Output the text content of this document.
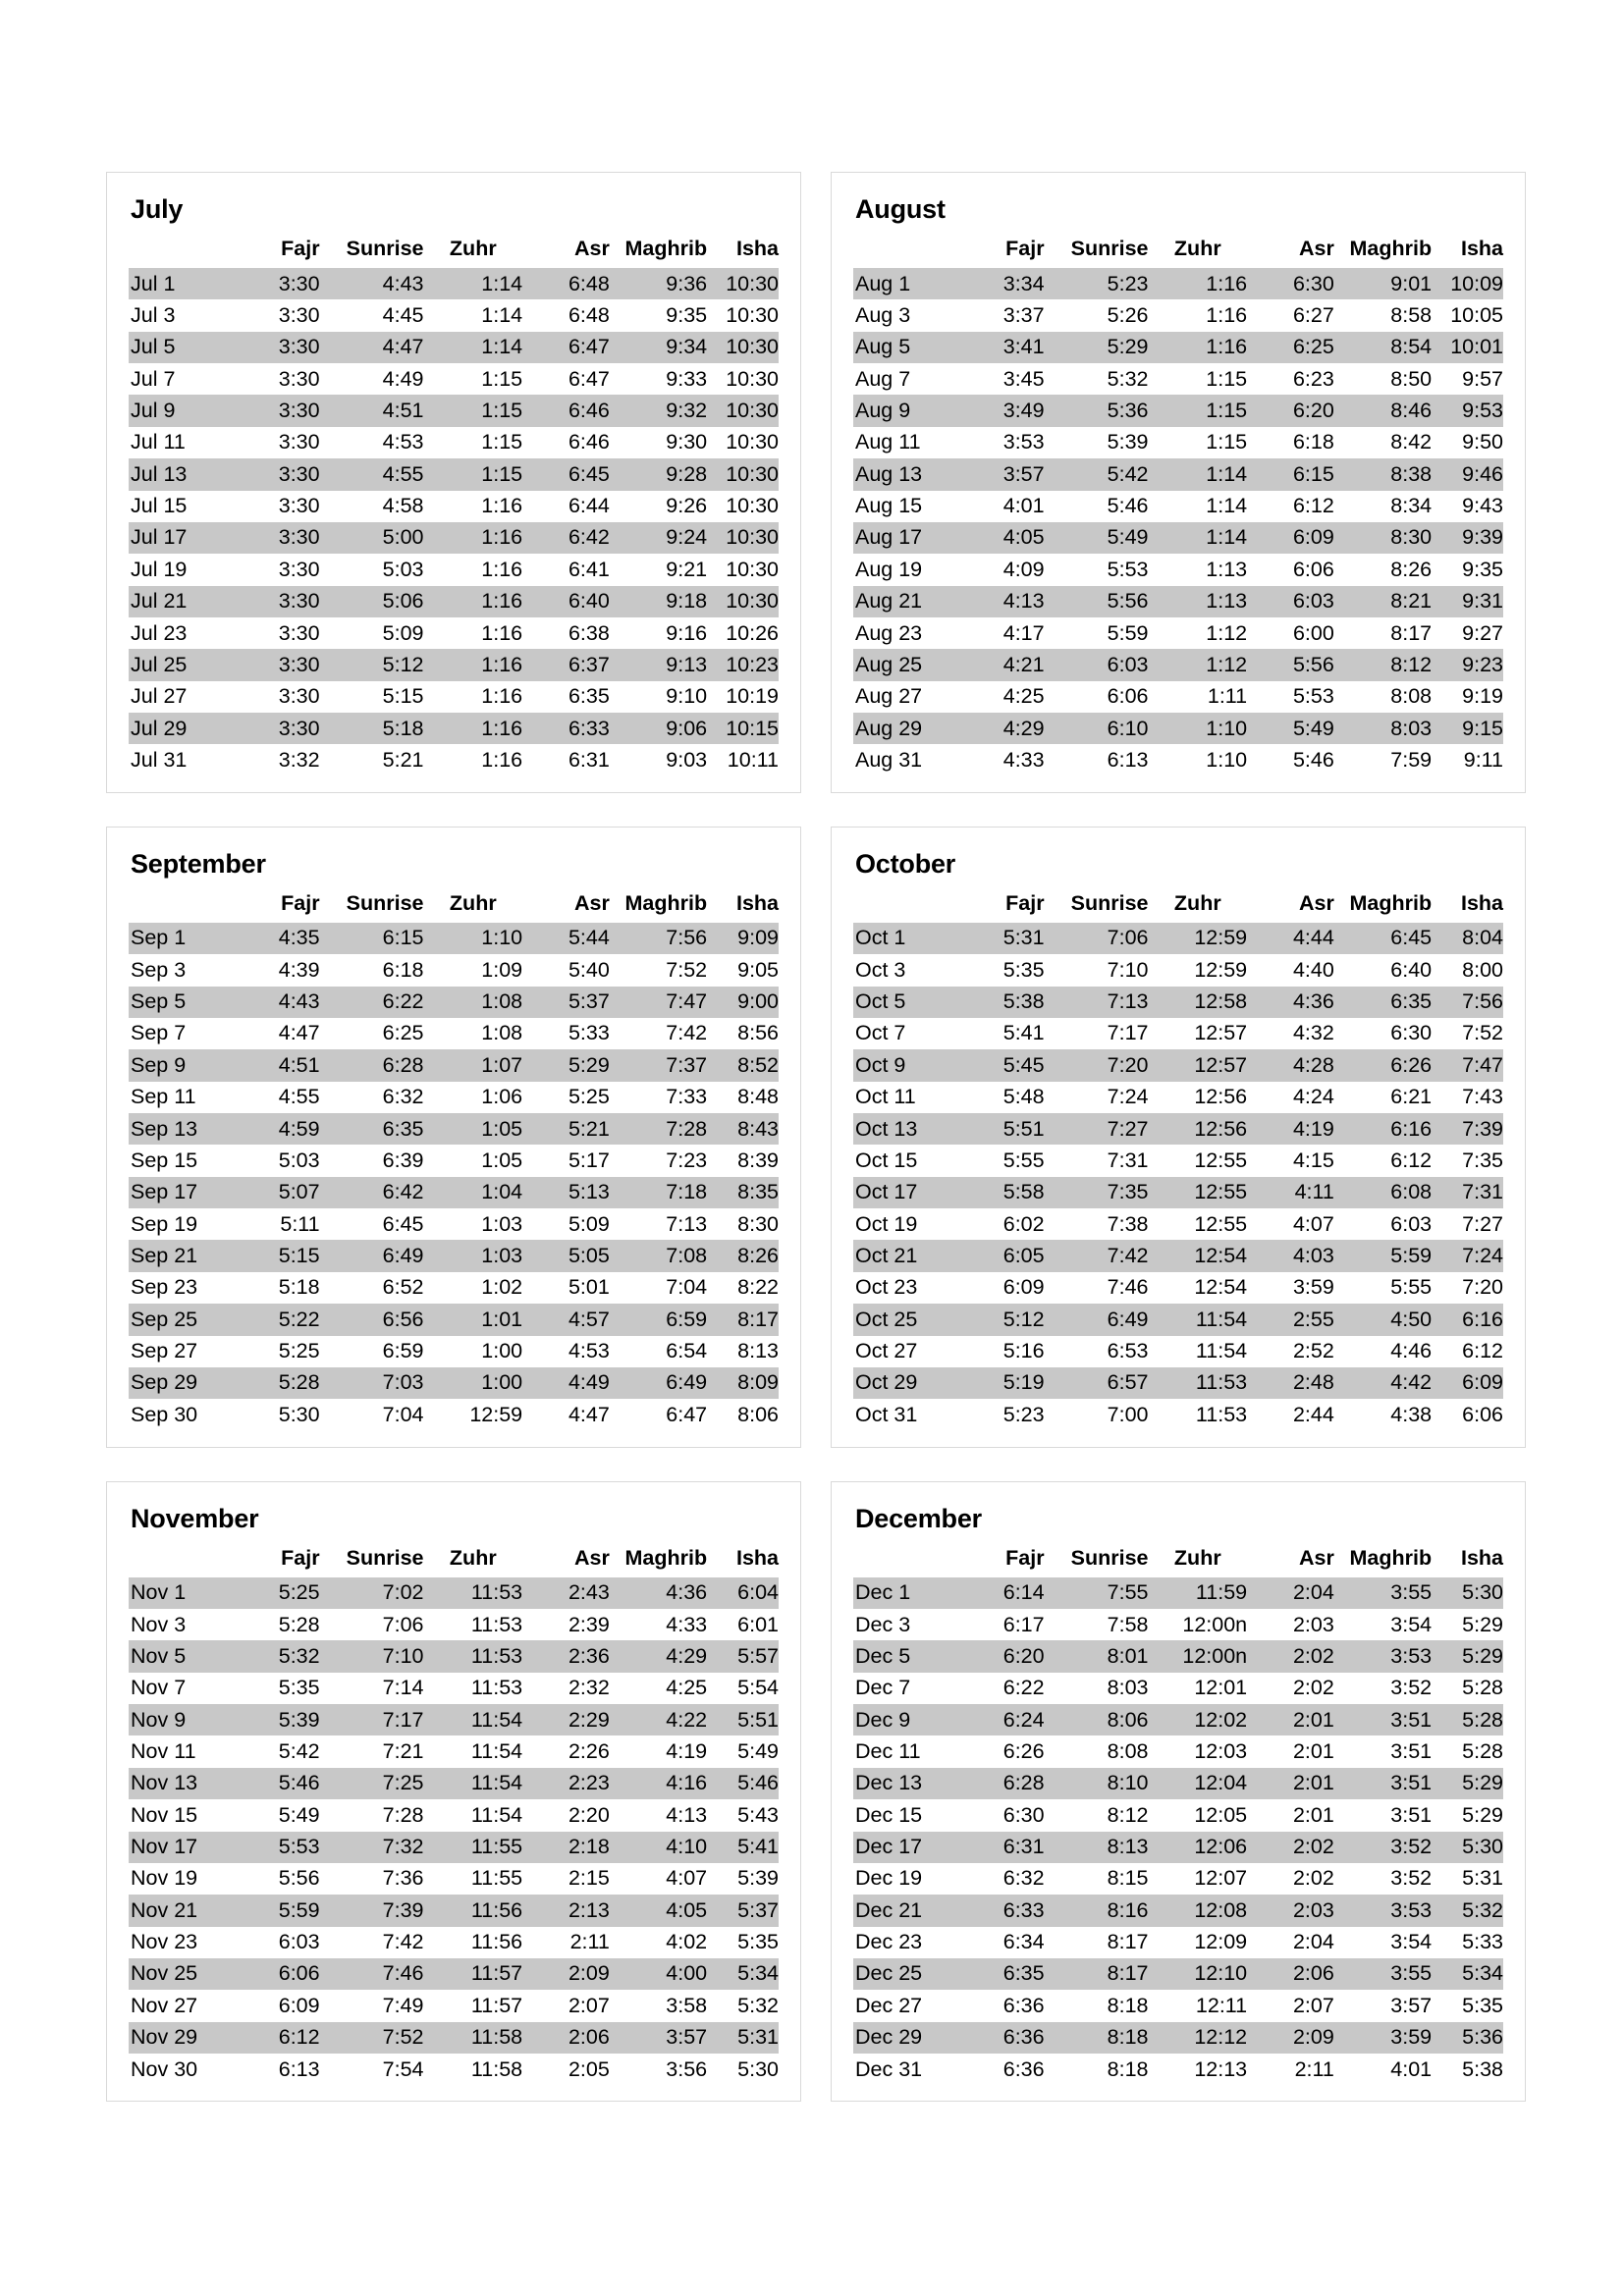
July
	Fajr	Sunrise	Zuhr	Asr	Maghrib	Isha
Jul 1	3:30	4:43	1:14	6:48	9:36	10:30
Jul 3	3:30	4:45	1:14	6:48	9:35	10:30
Jul 5	3:30	4:47	1:14	6:47	9:34	10:30
Jul 7	3:30	4:49	1:15	6:47	9:33	10:30
Jul 9	3:30	4:51	1:15	6:46	9:32	10:30
Jul 11	3:30	4:53	1:15	6:46	9:30	10:30
Jul 13	3:30	4:55	1:15	6:45	9:28	10:30
Jul 15	3:30	4:58	1:16	6:44	9:26	10:30
Jul 17	3:30	5:00	1:16	6:42	9:24	10:30
Jul 19	3:30	5:03	1:16	6:41	9:21	10:30
Jul 21	3:30	5:06	1:16	6:40	9:18	10:30
Jul 23	3:30	5:09	1:16	6:38	9:16	10:26
Jul 25	3:30	5:12	1:16	6:37	9:13	10:23
Jul 27	3:30	5:15	1:16	6:35	9:10	10:19
Jul 29	3:30	5:18	1:16	6:33	9:06	10:15
Jul 31	3:32	5:21	1:16	6:31	9:03	10:11
August
	Fajr	Sunrise	Zuhr	Asr	Maghrib	Isha
Aug 1	3:34	5:23	1:16	6:30	9:01	10:09
Aug 3	3:37	5:26	1:16	6:27	8:58	10:05
Aug 5	3:41	5:29	1:16	6:25	8:54	10:01
Aug 7	3:45	5:32	1:15	6:23	8:50	9:57
Aug 9	3:49	5:36	1:15	6:20	8:46	9:53
Aug 11	3:53	5:39	1:15	6:18	8:42	9:50
Aug 13	3:57	5:42	1:14	6:15	8:38	9:46
Aug 15	4:01	5:46	1:14	6:12	8:34	9:43
Aug 17	4:05	5:49	1:14	6:09	8:30	9:39
Aug 19	4:09	5:53	1:13	6:06	8:26	9:35
Aug 21	4:13	5:56	1:13	6:03	8:21	9:31
Aug 23	4:17	5:59	1:12	6:00	8:17	9:27
Aug 25	4:21	6:03	1:12	5:56	8:12	9:23
Aug 27	4:25	6:06	1:11	5:53	8:08	9:19
Aug 29	4:29	6:10	1:10	5:49	8:03	9:15
Aug 31	4:33	6:13	1:10	5:46	7:59	9:11
September
	Fajr	Sunrise	Zuhr	Asr	Maghrib	Isha
Sep 1	4:35	6:15	1:10	5:44	7:56	9:09
Sep 3	4:39	6:18	1:09	5:40	7:52	9:05
Sep 5	4:43	6:22	1:08	5:37	7:47	9:00
Sep 7	4:47	6:25	1:08	5:33	7:42	8:56
Sep 9	4:51	6:28	1:07	5:29	7:37	8:52
Sep 11	4:55	6:32	1:06	5:25	7:33	8:48
Sep 13	4:59	6:35	1:05	5:21	7:28	8:43
Sep 15	5:03	6:39	1:05	5:17	7:23	8:39
Sep 17	5:07	6:42	1:04	5:13	7:18	8:35
Sep 19	5:11	6:45	1:03	5:09	7:13	8:30
Sep 21	5:15	6:49	1:03	5:05	7:08	8:26
Sep 23	5:18	6:52	1:02	5:01	7:04	8:22
Sep 25	5:22	6:56	1:01	4:57	6:59	8:17
Sep 27	5:25	6:59	1:00	4:53	6:54	8:13
Sep 29	5:28	7:03	1:00	4:49	6:49	8:09
Sep 30	5:30	7:04	12:59	4:47	6:47	8:06
October
	Fajr	Sunrise	Zuhr	Asr	Maghrib	Isha
Oct 1	5:31	7:06	12:59	4:44	6:45	8:04
Oct 3	5:35	7:10	12:59	4:40	6:40	8:00
Oct 5	5:38	7:13	12:58	4:36	6:35	7:56
Oct 7	5:41	7:17	12:57	4:32	6:30	7:52
Oct 9	5:45	7:20	12:57	4:28	6:26	7:47
Oct 11	5:48	7:24	12:56	4:24	6:21	7:43
Oct 13	5:51	7:27	12:56	4:19	6:16	7:39
Oct 15	5:55	7:31	12:55	4:15	6:12	7:35
Oct 17	5:58	7:35	12:55	4:11	6:08	7:31
Oct 19	6:02	7:38	12:55	4:07	6:03	7:27
Oct 21	6:05	7:42	12:54	4:03	5:59	7:24
Oct 23	6:09	7:46	12:54	3:59	5:55	7:20
Oct 25	5:12	6:49	11:54	2:55	4:50	6:16
Oct 27	5:16	6:53	11:54	2:52	4:46	6:12
Oct 29	5:19	6:57	11:53	2:48	4:42	6:09
Oct 31	5:23	7:00	11:53	2:44	4:38	6:06
November
	Fajr	Sunrise	Zuhr	Asr	Maghrib	Isha
Nov 1	5:25	7:02	11:53	2:43	4:36	6:04
Nov 3	5:28	7:06	11:53	2:39	4:33	6:01
Nov 5	5:32	7:10	11:53	2:36	4:29	5:57
Nov 7	5:35	7:14	11:53	2:32	4:25	5:54
Nov 9	5:39	7:17	11:54	2:29	4:22	5:51
Nov 11	5:42	7:21	11:54	2:26	4:19	5:49
Nov 13	5:46	7:25	11:54	2:23	4:16	5:46
Nov 15	5:49	7:28	11:54	2:20	4:13	5:43
Nov 17	5:53	7:32	11:55	2:18	4:10	5:41
Nov 19	5:56	7:36	11:55	2:15	4:07	5:39
Nov 21	5:59	7:39	11:56	2:13	4:05	5:37
Nov 23	6:03	7:42	11:56	2:11	4:02	5:35
Nov 25	6:06	7:46	11:57	2:09	4:00	5:34
Nov 27	6:09	7:49	11:57	2:07	3:58	5:32
Nov 29	6:12	7:52	11:58	2:06	3:57	5:31
Nov 30	6:13	7:54	11:58	2:05	3:56	5:30
December
	Fajr	Sunrise	Zuhr	Asr	Maghrib	Isha
Dec 1	6:14	7:55	11:59	2:04	3:55	5:30
Dec 3	6:17	7:58	12:00n	2:03	3:54	5:29
Dec 5	6:20	8:01	12:00n	2:02	3:53	5:29
Dec 7	6:22	8:03	12:01	2:02	3:52	5:28
Dec 9	6:24	8:06	12:02	2:01	3:51	5:28
Dec 11	6:26	8:08	12:03	2:01	3:51	5:28
Dec 13	6:28	8:10	12:04	2:01	3:51	5:29
Dec 15	6:30	8:12	12:05	2:01	3:51	5:29
Dec 17	6:31	8:13	12:06	2:02	3:52	5:30
Dec 19	6:32	8:15	12:07	2:02	3:52	5:31
Dec 21	6:33	8:16	12:08	2:03	3:53	5:32
Dec 23	6:34	8:17	12:09	2:04	3:54	5:33
Dec 25	6:35	8:17	12:10	2:06	3:55	5:34
Dec 27	6:36	8:18	12:11	2:07	3:57	5:35
Dec 29	6:36	8:18	12:12	2:09	3:59	5:36
Dec 31	6:36	8:18	12:13	2:11	4:01	5:38
